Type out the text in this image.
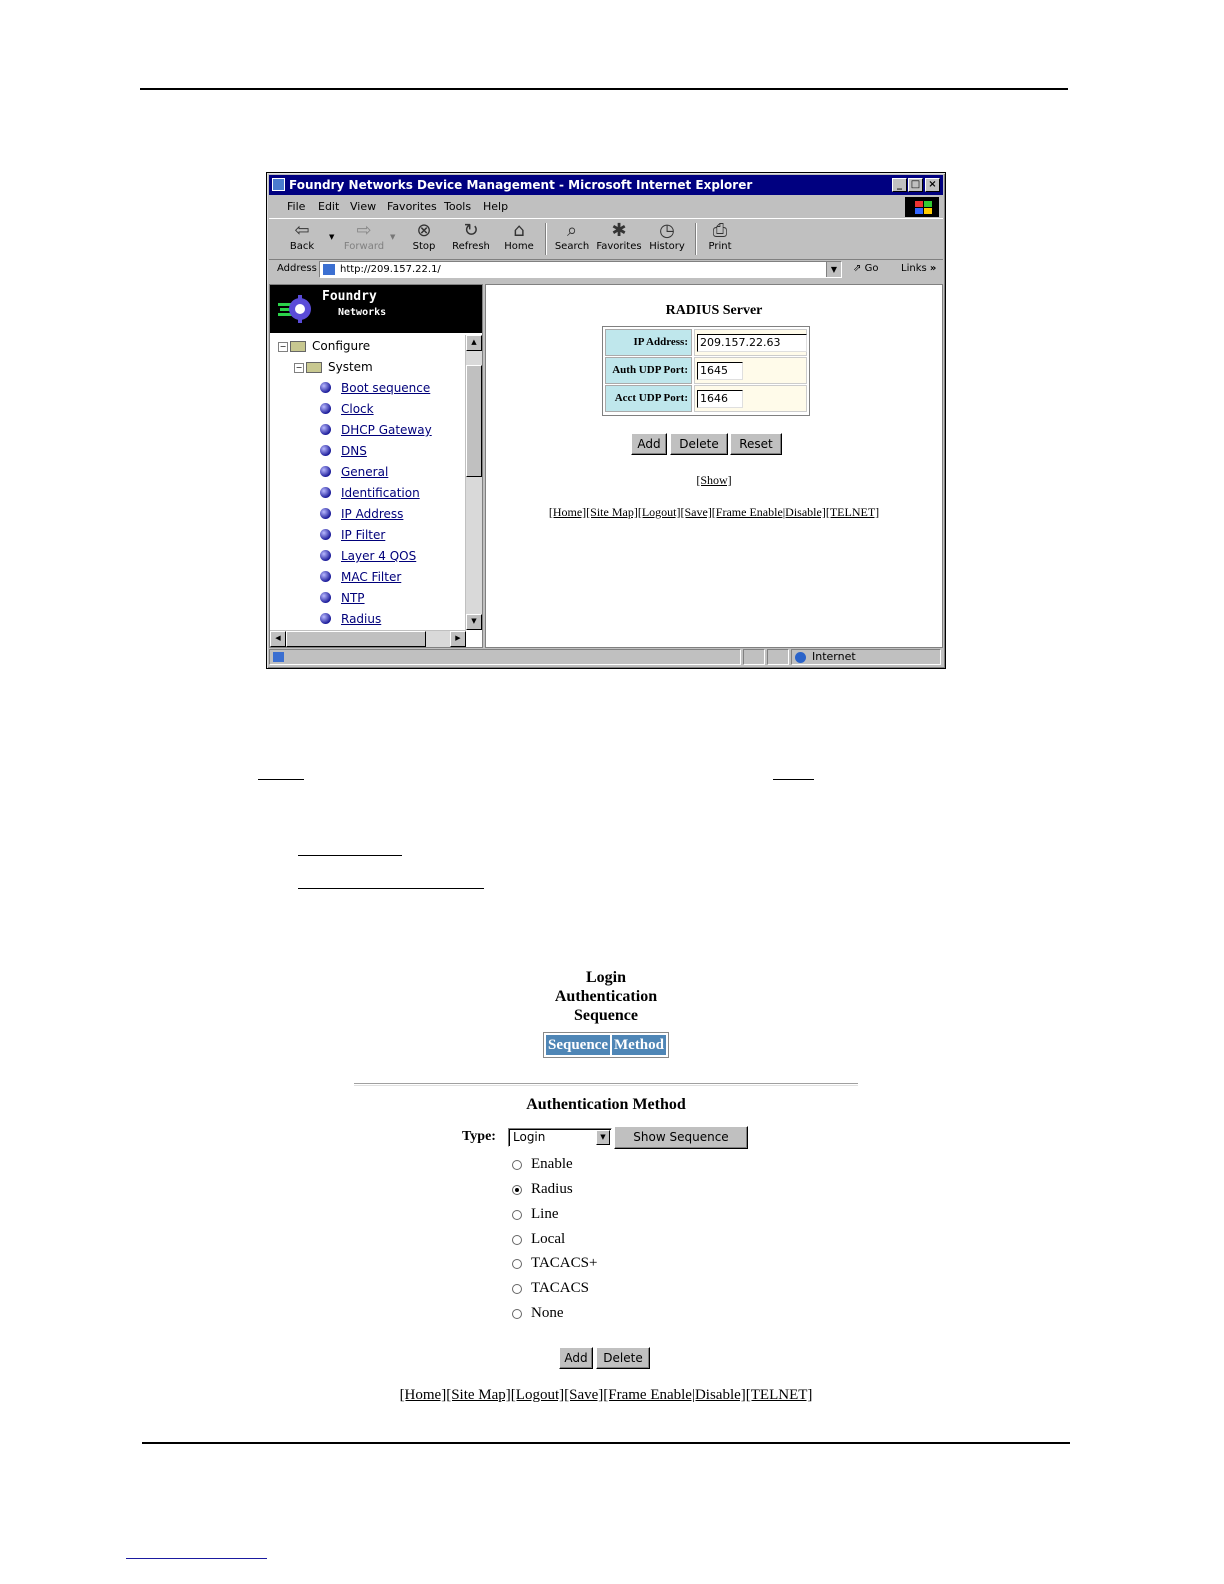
Foundry Networks Device Management - Microsoft Internet Explorer	_ □ ×
File Edit View Favorites Tools Help
⇦
Back
▼ ⇨
Forward
▼ ⊗
Stop
↻
Refresh
⌂
Home
⌕
Search
✱
Favorites
◷
History
⎙
Print
Address	http://209.157.22.1/	▼	⇗ Go Links »
Foundry
Networks
− Configure
− System
Boot sequence
Clock
DHCP Gateway
DNS
General
Identification
IP Address
IP Filter
Layer 4 QOS
MAC Filter
NTP
Radius
▲
▼
◀	▶
RADIUS Server
IP Address:	209.157.22.63
Auth UDP Port:	1645
Acct UDP Port:	1646
Add	Delete	Reset
[Show]
[Home][Site Map][Logout][Save][Frame Enable|Disable][TELNET]
Internet
Login
Authentication
Sequence
Sequence Method
Authentication Method
Type:	Login	▼	Show Sequence
Enable
Radius
Line
Local
TACACS+
TACACS
None
Add	Delete
[Home][Site Map][Logout][Save][Frame Enable|Disable][TELNET]
